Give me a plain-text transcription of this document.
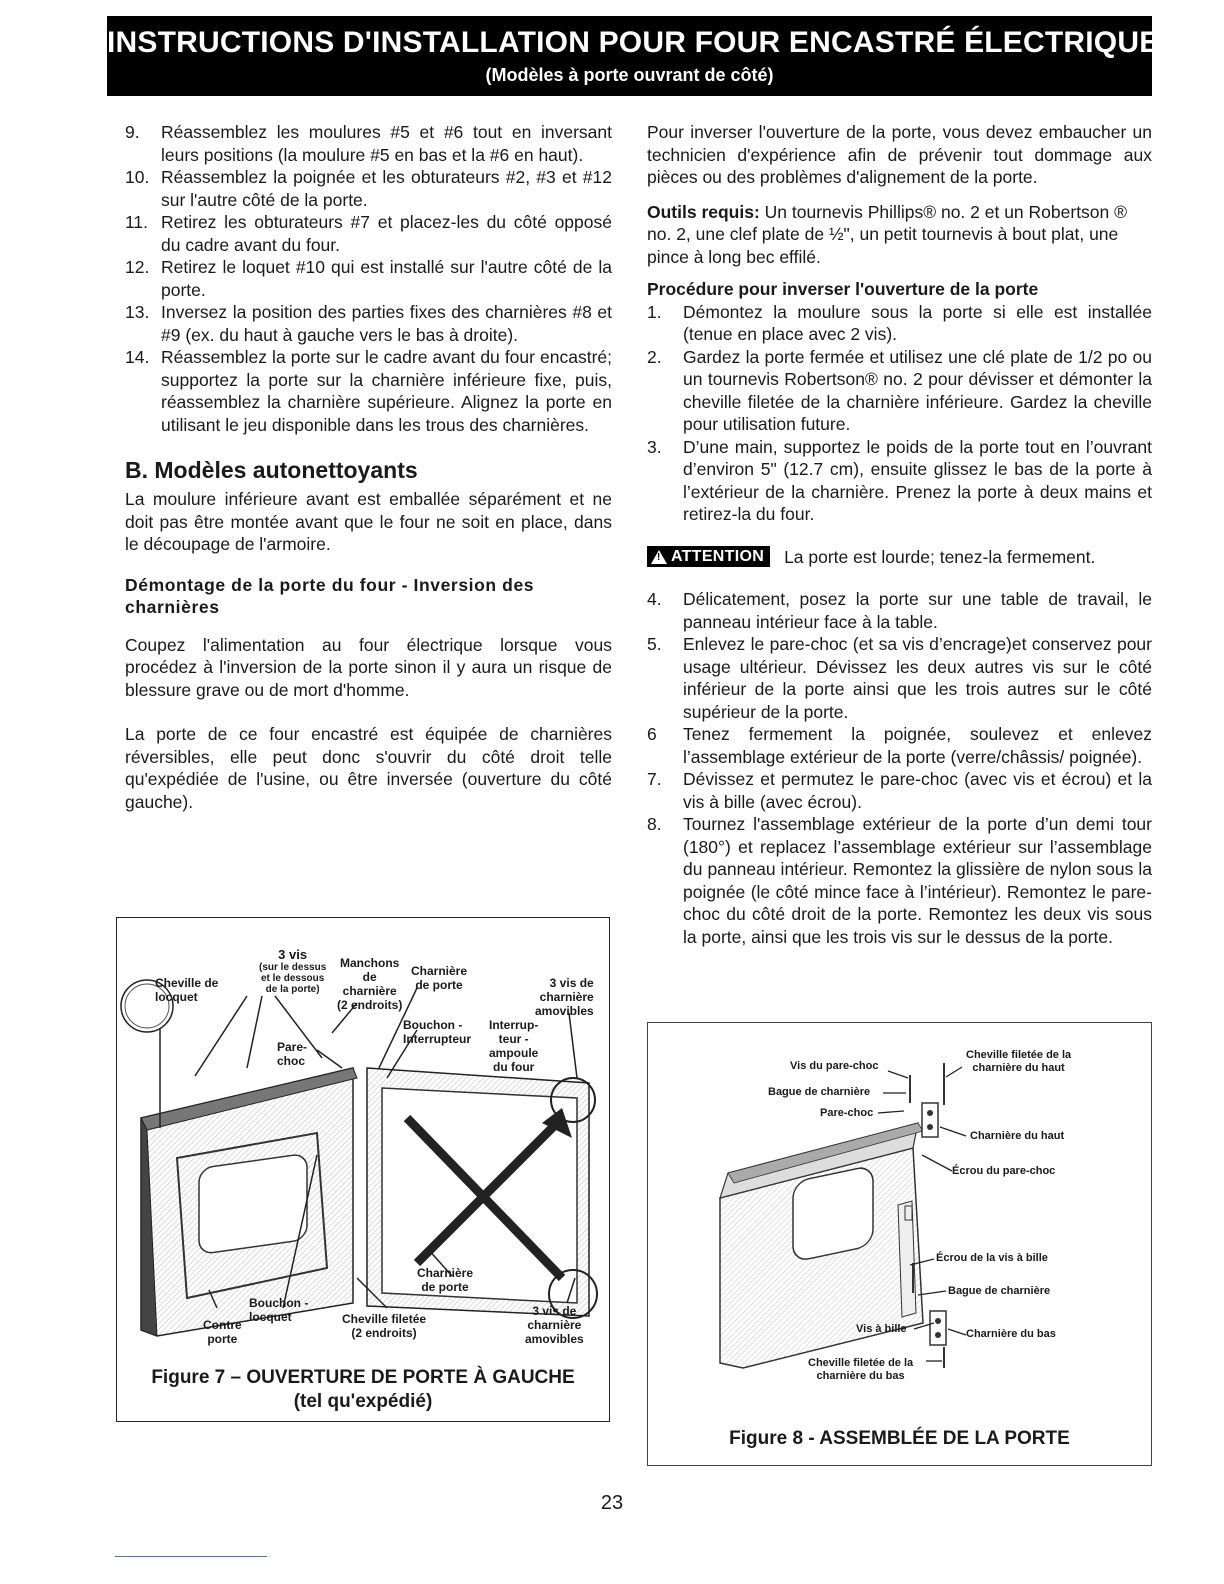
INSTRUCTIONS D'INSTALLATION POUR FOUR ENCASTRÉ ÉLECTRIQUE
(Modèles à porte ouvrant de côté)
9.	Réassemblez les moulures #5 et #6 tout en inversant leurs positions (la moulure #5 en bas et la #6 en haut).
10. Réassemblez la poignée et les obturateurs #2, #3 et #12 sur l'autre côté de la porte.
11. Retirez les obturateurs #7 et placez-les du côté opposé du cadre avant du four.
12. Retirez le loquet #10 qui est installé sur l'autre côté de la porte.
13. Inversez la position des parties fixes des charnières #8 et #9 (ex. du haut à gauche vers le bas à droite).
14. Réassemblez la porte sur le cadre avant du four encastré; supportez la porte sur la charnière inférieure fixe, puis, réassemblez la charnière supérieure. Alignez la porte en utilisant le jeu disponible dans les trous des charnières.
B. Modèles autonettoyants

La moulure inférieure avant est emballée séparément et ne doit pas être montée avant que le four ne soit en place, dans le découpage de l'armoire.

Démontage de la porte du four - Inversion des charnières

Coupez l'alimentation au four électrique lorsque vous procédez à l'inversion de la porte sinon il y aura un risque de blessure grave ou de mort d'homme.

La porte de ce four encastré est équipée de charnières réversibles, elle peut donc s'ouvrir du côté droit telle qu'expédiée de l'usine, ou être inversée (ouverture du côté gauche).

3 vis
(sur le dessus
et le dessous
de la porte)
Cheville de
locquet
Manchons
de
charnière
(2 endroits)
Charnière
de porte	3 vis de
charnière
amovibles
Bouchon -
Interrupteur
Interrup-
teur -
ampoule
du four
Pare-
choc
Charnière
de porte
Bouchon -
locquet
Contre
porte
Cheville filetée
(2 endroits)
3 vis de
charnière
amovibles
Figure 7 – OUVERTURE DE PORTE À GAUCHE
(tel qu'expédié)

Pour inverser l'ouverture de la porte, vous devez embaucher un technicien d'expérience afin de prévenir tout dommage aux pièces ou des problèmes d'alignement de la porte.

Outils requis: Un tournevis Phillips® no. 2 et un Robertson ® no. 2, une clef plate de ½", un petit tournevis à bout plat, une pince à long bec effilé.

Procédure pour inverser l'ouverture de la porte
1.	Démontez la moulure sous la porte si elle est installée (tenue en place avec 2 vis).
2.	Gardez la porte fermée et utilisez une clé plate de 1/2 po ou un tournevis Robertson® no. 2 pour dévisser et démonter la cheville filetée de la charnière inférieure. Gardez la cheville pour utilisation future.
3.	D’une main, supportez le poids de la porte tout en l’ouvrant d’environ 5" (12.7 cm), ensuite glissez le bas de la porte à l’extérieur de la charnière. Prenez la porte à deux mains et retirez-la du four.
! ATTENTION La porte est lourde; tenez-la fermement.
4.	Délicatement, posez la porte sur une table de travail, le panneau intérieur face à la table.
5.	Enlevez le pare-choc (et sa vis d’encrage)et conservez pour usage ultérieur. Dévissez les deux autres vis sur le côté inférieur de la porte ainsi que les trois autres sur le côté supérieur de la porte.
6	Tenez fermement la poignée, soulevez et enlevez l’assemblage extérieur de la porte (verre/châssis/ poignée).
7.	Dévissez et permutez le pare-choc (avec vis et écrou) et la vis à bille (avec écrou).
8.	Tournez l'assemblage extérieur de la porte d’un demi tour (180°) et replacez l’assemblage extérieur sur l’assemblage du panneau intérieur. Remontez la glissière de nylon sous la poignée (le côté mince face à l’intérieur). Remontez le pare-choc du côté droit de la porte. Remontez les deux vis sous la porte, ainsi que les trois vis sur le dessus de la porte.
Vis du pare-choc
Bague de charnière
Pare-choc
Cheville filetée de la
charnière du haut
Charnière du haut
Écrou du pare-choc
Écrou de la vis à bille
Bague de charnière
Vis à bille	Charnière du bas
Cheville filetée de la
charnière du bas
Figure 8 - ASSEMBLÉE DE LA PORTE
23
